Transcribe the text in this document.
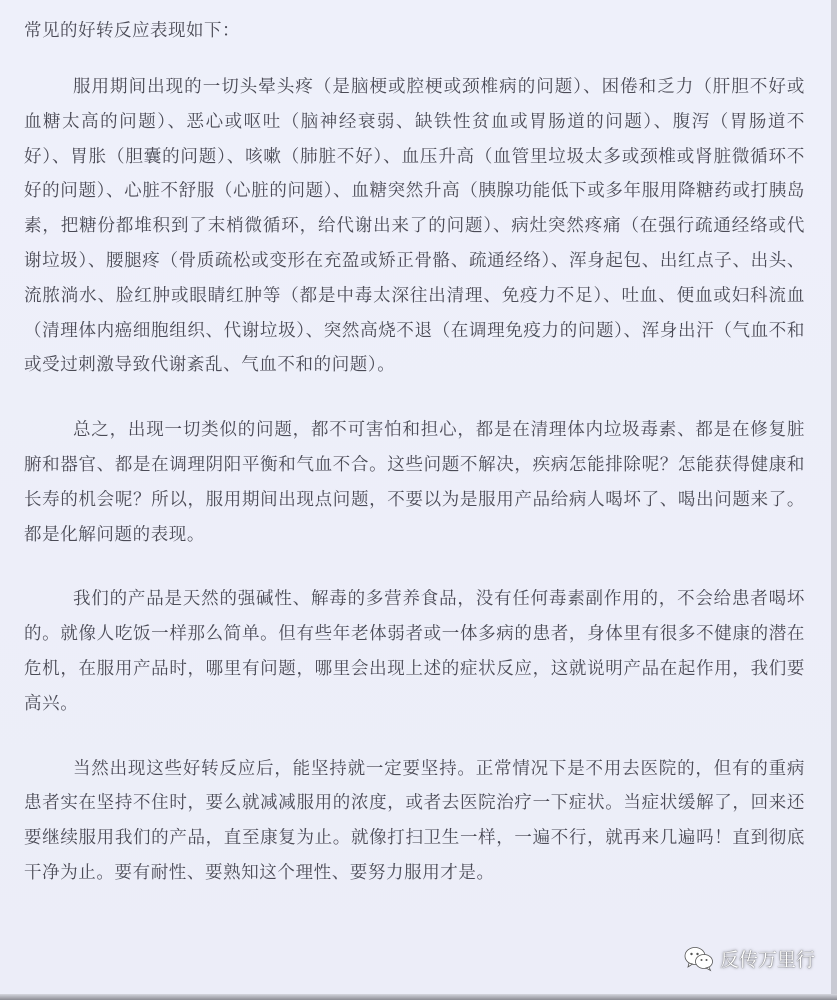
常见的好转反应表现如下：

服用期间出现的一切头晕头疼（是脑梗或腔梗或颈椎病的问题）、困倦和乏力（肝胆不好或血糖太高的问题）、恶心或呕吐（脑神经衰弱、缺铁性贫血或胃肠道的问题）、腹泻（胃肠道不好）、胃胀（胆囊的问题）、咳嗽（肺脏不好）、血压升高（血管里垃圾太多或颈椎或肾脏微循环不好的问题）、心脏不舒服（心脏的问题）、血糖突然升高（胰腺功能低下或多年服用降糖药或打胰岛素，把糖份都堆积到了末梢微循环，给代谢出来了的问题）、病灶突然疼痛（在强行疏通经络或代谢垃圾）、腰腿疼（骨质疏松或变形在充盈或矫正骨骼、疏通经络）、浑身起包、出红点子、出头、流脓淌水、脸红肿或眼睛红肿等（都是中毒太深往出清理、免疫力不足）、吐血、便血或妇科流血（清理体内癌细胞组织、代谢垃圾）、突然高烧不退（在调理免疫力的问题）、浑身出汗（气血不和或受过刺激导致代谢紊乱、气血不和的问题）。

总之，出现一切类似的问题，都不可害怕和担心，都是在清理体内垃圾毒素、都是在修复脏腑和器官、都是在调理阴阳平衡和气血不合。这些问题不解决，疾病怎能排除呢？怎能获得健康和长寿的机会呢？所以，服用期间出现点问题，不要以为是服用产品给病人喝坏了、喝出问题来了。都是化解问题的表现。

我们的产品是天然的强碱性、解毒的多营养食品，没有任何毒素副作用的，不会给患者喝坏的。就像人吃饭一样那么简单。但有些年老体弱者或一体多病的患者，身体里有很多不健康的潜在危机，在服用产品时，哪里有问题，哪里会出现上述的症状反应，这就说明产品在起作用，我们要高兴。

当然出现这些好转反应后，能坚持就一定要坚持。正常情况下是不用去医院的，但有的重病患者实在坚持不住时，要么就减减服用的浓度，或者去医院治疗一下症状。当症状缓解了，回来还要继续服用我们的产品，直至康复为止。就像打扫卫生一样，一遍不行，就再来几遍吗！直到彻底干净为止。要有耐性、要熟知这个理性、要努力服用才是。

反传万里行
